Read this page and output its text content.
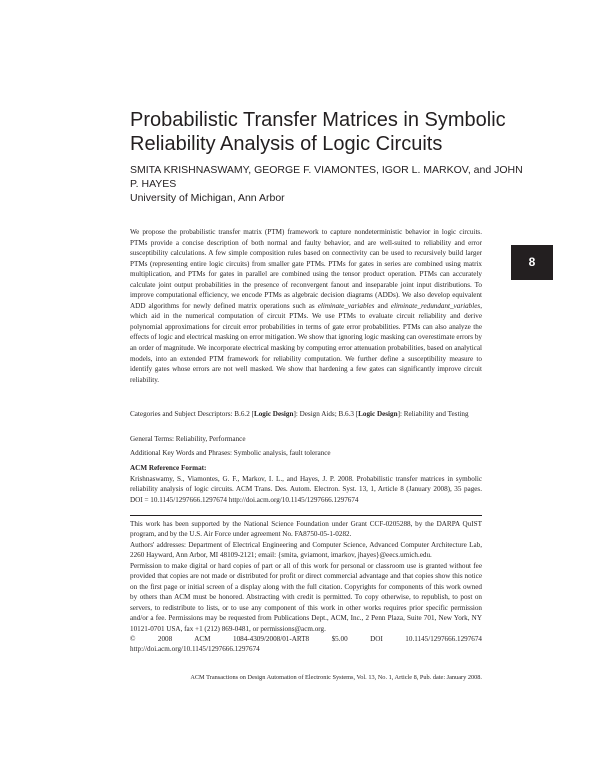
Probabilistic Transfer Matrices in Symbolic Reliability Analysis of Logic Circuits
SMITA KRISHNASWAMY, GEORGE F. VIAMONTES, IGOR L. MARKOV, and JOHN P. HAYES
University of Michigan, Ann Arbor
8
We propose the probabilistic transfer matrix (PTM) framework to capture nondeterministic behavior in logic circuits. PTMs provide a concise description of both normal and faulty behavior, and are well-suited to reliability and error susceptibility calculations. A few simple composition rules based on connectivity can be used to recursively build larger PTMs (representing entire logic circuits) from smaller gate PTMs. PTMs for gates in series are combined using matrix multiplication, and PTMs for gates in parallel are combined using the tensor product operation. PTMs can accurately calculate joint output probabilities in the presence of reconvergent fanout and inseparable joint input distributions. To improve computational efficiency, we encode PTMs as algebraic decision diagrams (ADDs). We also develop equivalent ADD algorithms for newly defined matrix operations such as eliminate_variables and eliminate_redundant_variables, which aid in the numerical computation of circuit PTMs. We use PTMs to evaluate circuit reliability and derive polynomial approximations for circuit error probabilities in terms of gate error probabilities. PTMs can also analyze the effects of logic and electrical masking on error mitigation. We show that ignoring logic masking can overestimate errors by an order of magnitude. We incorporate electrical masking by computing error attenuation probabilities, based on analytical models, into an extended PTM framework for reliability computation. We further define a susceptibility measure to identify gates whose errors are not well masked. We show that hardening a few gates can significantly improve circuit reliability.
Categories and Subject Descriptors: B.6.2 [Logic Design]: Design Aids; B.6.3 [Logic Design]: Reliability and Testing
General Terms: Reliability, Performance
Additional Key Words and Phrases: Symbolic analysis, fault tolerance
ACM Reference Format:
Krishnaswamy, S., Viamontes, G. F., Markov, I. L., and Hayes, J. P. 2008. Probabilistic transfer matrices in symbolic reliability analysis of logic circuits. ACM Trans. Des. Autom. Electron. Syst. 13, 1, Article 8 (January 2008), 35 pages. DOI = 10.1145/1297666.1297674 http://doi.acm.org/10.1145/1297666.1297674

This work has been supported by the National Science Foundation under Grant CCF-0205288, by the DARPA QuIST program, and by the U.S. Air Force under agreement No. FA8750-05-1-0282.

Authors' addresses: Department of Electrical Engineering and Computer Science, Advanced Computer Architecture Lab, 2260 Hayward, Ann Arbor, MI 48109-2121; email: {smita, gviamont, imarkov, jhayes}@eecs.umich.edu.

Permission to make digital or hard copies of part or all of this work for personal or classroom use is granted without fee provided that copies are not made or distributed for profit or direct commercial advantage and that copies show this notice on the first page or initial screen of a display along with the full citation. Copyrights for components of this work owned by others than ACM must be honored. Abstracting with credit is permitted. To copy otherwise, to republish, to post on servers, to redistribute to lists, or to use any component of this work in other works requires prior specific permission and/or a fee. Permissions may be requested from Publications Dept., ACM, Inc., 2 Penn Plaza, Suite 701, New York, NY 10121-0701 USA, fax +1 (212) 869-0481, or permissions@acm.org.

© 2008 ACM 1084-4309/2008/01-ART8 $5.00 DOI 10.1145/1297666.1297674 http://doi.acm.org/10.1145/1297666.1297674

ACM Transactions on Design Automation of Electronic Systems, Vol. 13, No. 1, Article 8, Pub. date: January 2008.
